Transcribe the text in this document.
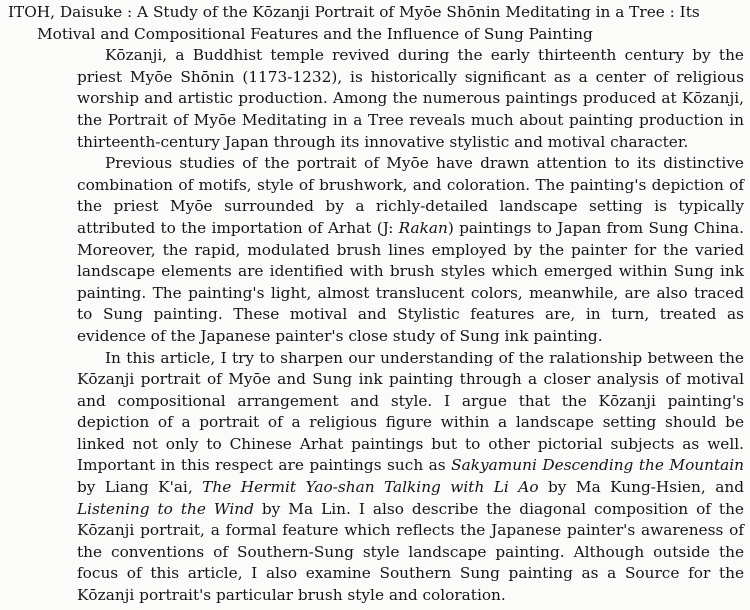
ITOH, Daisuke : A Study of the Kōzanji Portrait of Myōe Shōnin Meditating in a Tree : Its
Motival and Compositional Features and the Influence of Sung Painting

Kōzanji, a Buddhist temple revived during the early thirteenth century by the priest Myōe Shōnin (1173-1232), is historically significant as a center of religious worship and artistic production. Among the numerous paintings produced at Kōzanji, the Portrait of Myōe Meditating in a Tree reveals much about painting production in thirteenth-century Japan through its innovative stylistic and motival character.

Previous studies of the portrait of Myōe have drawn attention to its distinctive combination of motifs, style of brushwork, and coloration. The painting's depiction of the priest Myōe surrounded by a richly-detailed landscape setting is typically attributed to the importation of Arhat (J: Rakan) paintings to Japan from Sung China. Moreover, the rapid, modulated brush lines employed by the painter for the varied landscape elements are identified with brush styles which emerged within Sung ink painting. The painting's light, almost translucent colors, meanwhile, are also traced to Sung painting. These motival and Stylistic features are, in turn, treated as evidence of the Japanese painter's close study of Sung ink painting.

In this article, I try to sharpen our understanding of the ralationship between the Kōzanji portrait of Myōe and Sung ink painting through a closer analysis of motival and compositional arrangement and style. I argue that the Kōzanji painting's depiction of a portrait of a religious figure within a landscape setting should be linked not only to Chinese Arhat paintings but to other pictorial subjects as well. Important in this respect are paintings such as Sakyamuni Descending the Mountain by Liang K'ai, The Hermit Yao-shan Talking with Li Ao by Ma Kung-Hsien, and Listening to the Wind by Ma Lin. I also describe the diagonal composition of the Kōzanji portrait, a formal feature which reflects the Japanese painter's awareness of the conventions of Southern-Sung style landscape painting. Although outside the focus of this article, I also examine Southern Sung painting as a Source for the Kōzanji portrait's particular brush style and coloration.
